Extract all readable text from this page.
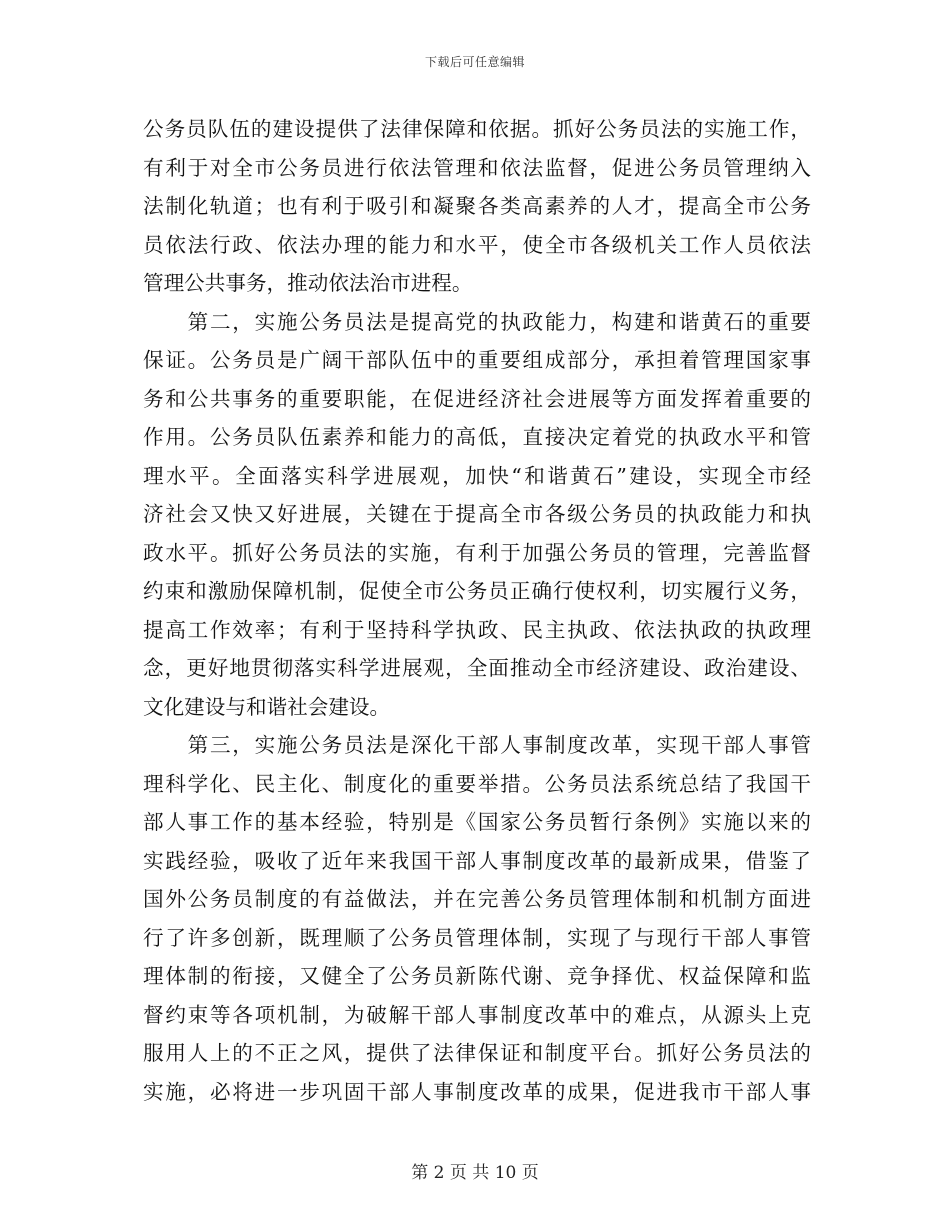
下载后可任意编辑
公务员队伍的建设提供了法律保障和依据。抓好公务员法的实施工作，
有利于对全市公务员进行依法管理和依法监督，促进公务员管理纳入
法制化轨道；也有利于吸引和凝聚各类高素养的人才，提高全市公务
员依法行政、依法办理的能力和水平，使全市各级机关工作人员依法
管理公共事务，推动依法治市进程。
　　第二，实施公务员法是提高党的执政能力，构建和谐黄石的重要
保证。公务员是广阔干部队伍中的重要组成部分，承担着管理国家事
务和公共事务的重要职能，在促进经济社会进展等方面发挥着重要的
作用。公务员队伍素养和能力的高低，直接决定着党的执政水平和管
理水平。全面落实科学进展观，加快“和谐黄石”建设，实现全市经
济社会又快又好进展，关键在于提高全市各级公务员的执政能力和执
政水平。抓好公务员法的实施，有利于加强公务员的管理，完善监督
约束和激励保障机制，促使全市公务员正确行使权利，切实履行义务，
提高工作效率；有利于坚持科学执政、民主执政、依法执政的执政理
念，更好地贯彻落实科学进展观，全面推动全市经济建设、政治建设、
文化建设与和谐社会建设。
　　第三，实施公务员法是深化干部人事制度改革，实现干部人事管
理科学化、民主化、制度化的重要举措。公务员法系统总结了我国干
部人事工作的基本经验，特别是《国家公务员暂行条例》实施以来的
实践经验，吸收了近年来我国干部人事制度改革的最新成果，借鉴了
国外公务员制度的有益做法，并在完善公务员管理体制和机制方面进
行了许多创新，既理顺了公务员管理体制，实现了与现行干部人事管
理体制的衔接，又健全了公务员新陈代谢、竞争择优、权益保障和监
督约束等各项机制，为破解干部人事制度改革中的难点，从源头上克
服用人上的不正之风，提供了法律保证和制度平台。抓好公务员法的
实施，必将进一步巩固干部人事制度改革的成果，促进我市干部人事
第 2 页 共 10 页
